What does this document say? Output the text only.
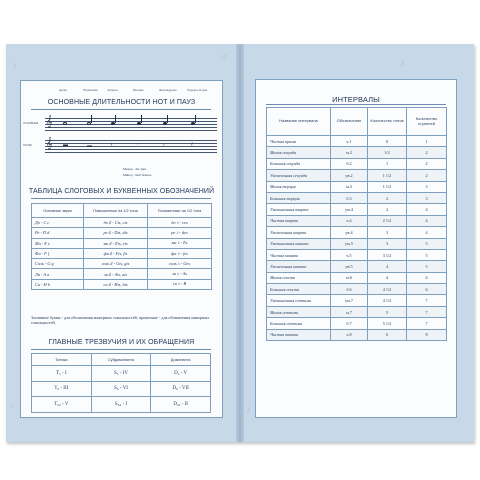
♪
♫
♪
♩	♪
Целая	Половинная	Четверть	Восьмая	Шестнадцатая	Тридцать вторая
ОСНОВНЫЕ ДЛИТЕЛЬНОСТИ НОТ И ПАУЗ
ОСНОВНЫЕ 𝄞
ПАУЗЫ 𝄞 ▬	▬	𝄽	𝄾	𝄿	𝅀
Мажор - dur диез
Минор - moll бемоль
ТАБЛИЦА СЛОГОВЫХ И БУКВЕННЫХ ОБОЗНАЧЕНИЙ
Основные звуки	Повышенные на 1/2 тона	Пониженные на 1/2 тона
До - C c	до ♯ - Cis, cis	до ♭ - ces
Ре - D d	ре ♯ - Dis, dis	ре ♭ - des
Ми - E e	ми ♯ - Eis, eis	ми ♭ - Es
Фа - F f	фа ♯ - Fis, fis	фа ♭ - fes
Соль - G g	соль ♯ - Gis, gis	соль ♭ - Ges
Ля - A a	ля ♯ - Ais, ais	ля ♭ - As
Си - H h	си ♯ - His, his	си ♭ - B
Заглавные буквы - для обозначения мажорных тональностей, прописные - для обозначения минорных тональностей.
ГЛАВНЫЕ ТРЕЗВУЧИЯ И ИХ ОБРАЩЕНИЯ
Тоника	Субдоминанта	Доминанта
T₅ - I	S₅ - IV	D₅ - V
T₆ - III	S₆ - VI	D₆ - VII
T₆₄ - V	S₆₄ - I	D₆₄ - II
ИНТЕРВАЛЫ
Название интервала	Обозначение	Количество тонов	Количество ступеней
Чистая прима	ч.1	0	1
Малая секунда	м.2	1/2	2
Большая секунда	б.2	1	2
Увеличенная секунда	ув.2	1 1/2	2
Малая терция	м.3	1 1/2	3
Большая терция	б.3	2	3
Уменьшенная кварта	ум.4	2	4
Чистая кварта	ч.4	2 1/2	4
Увеличенная кварта	ув.4	3	4
Уменьшенная квинта	ум.5	3	5
Чистая квинта	ч.5	3 1/2	5
Увеличенная квинта	ув.5	4	5
Малая секста	м.6	4	6
Большая секста	б.6	4 1/2	6
Уменьшенная септима	ум.7	4 1/2	7
Малая септима	м.7	5	7
Большая септима	б.7	5 1/2	7
Чистая октава	ч.8	6	8
